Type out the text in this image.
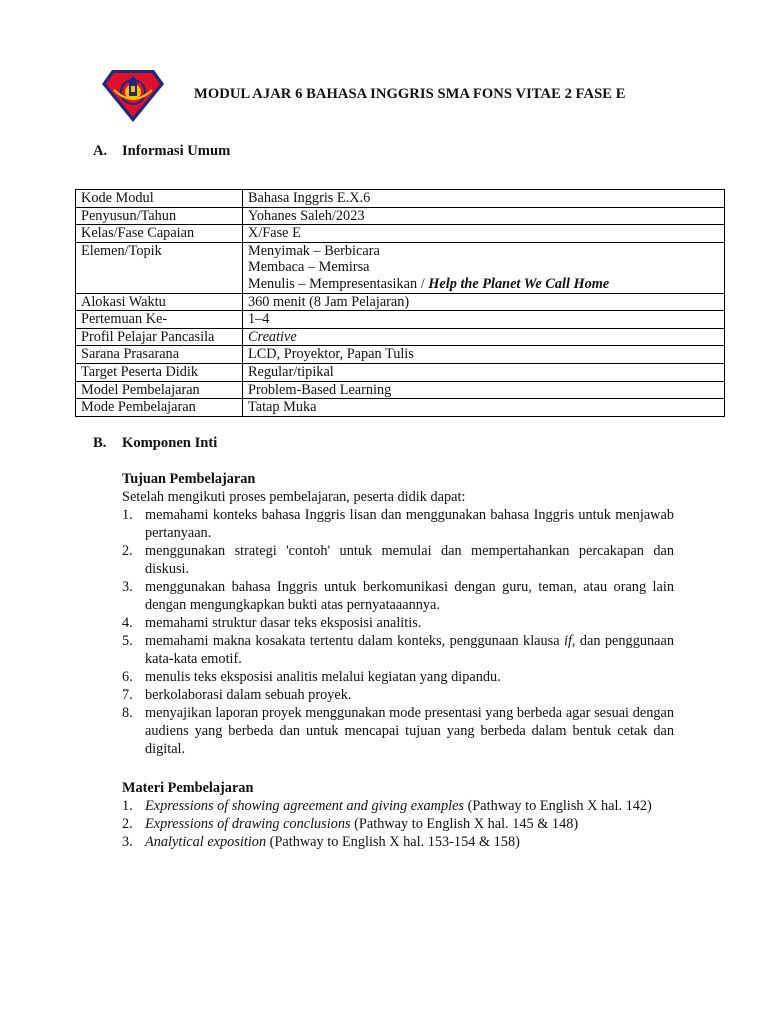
MODUL AJAR 6 BAHASA INGGRIS SMA FONS VITAE 2 FASE E
A. Informasi Umum
Kode Modul	Bahasa Inggris E.X.6
Penyusun/Tahun	Yohanes Saleh/2023
Kelas/Fase Capaian	X/Fase E
Elemen/Topik	Menyimak – Berbicara
Membaca – Memirsa
Menulis – Mempresentasikan / Help the Planet We Call Home

Alokasi Waktu	360 menit (8 Jam Pelajaran)
Pertemuan Ke-	1–4
Profil Pelajar Pancasila	Creative
Sarana Prasarana	LCD, Proyektor, Papan Tulis
Target Peserta Didik	Regular/tipikal
Model Pembelajaran	Problem-Based Learning
Mode Pembelajaran	Tatap Muka
B. Komponen Inti
Tujuan Pembelajaran
Setelah mengikuti proses pembelajaran, peserta didik dapat:
1. memahami konteks bahasa Inggris lisan dan menggunakan bahasa Inggris untuk menjawab pertanyaan.
2. menggunakan strategi 'contoh' untuk memulai dan mempertahankan percakapan dan diskusi.
3. menggunakan bahasa Inggris untuk berkomunikasi dengan guru, teman, atau orang lain dengan mengungkapkan bukti atas pernyataaannya.
4. memahami struktur dasar teks eksposisi analitis.
5. memahami makna kosakata tertentu dalam konteks, penggunaan klausa if, dan penggunaan kata-kata emotif.
6. menulis teks eksposisi analitis melalui kegiatan yang dipandu.
7. berkolaborasi dalam sebuah proyek.
8. menyajikan laporan proyek menggunakan mode presentasi yang berbeda agar sesuai dengan audiens yang berbeda dan untuk mencapai tujuan yang berbeda dalam bentuk cetak dan digital.
Materi Pembelajaran
1. Expressions of showing agreement and giving examples (Pathway to English X hal. 142)
2. Expressions of drawing conclusions (Pathway to English X hal. 145 & 148)
3. Analytical exposition (Pathway to English X hal. 153-154 & 158)
